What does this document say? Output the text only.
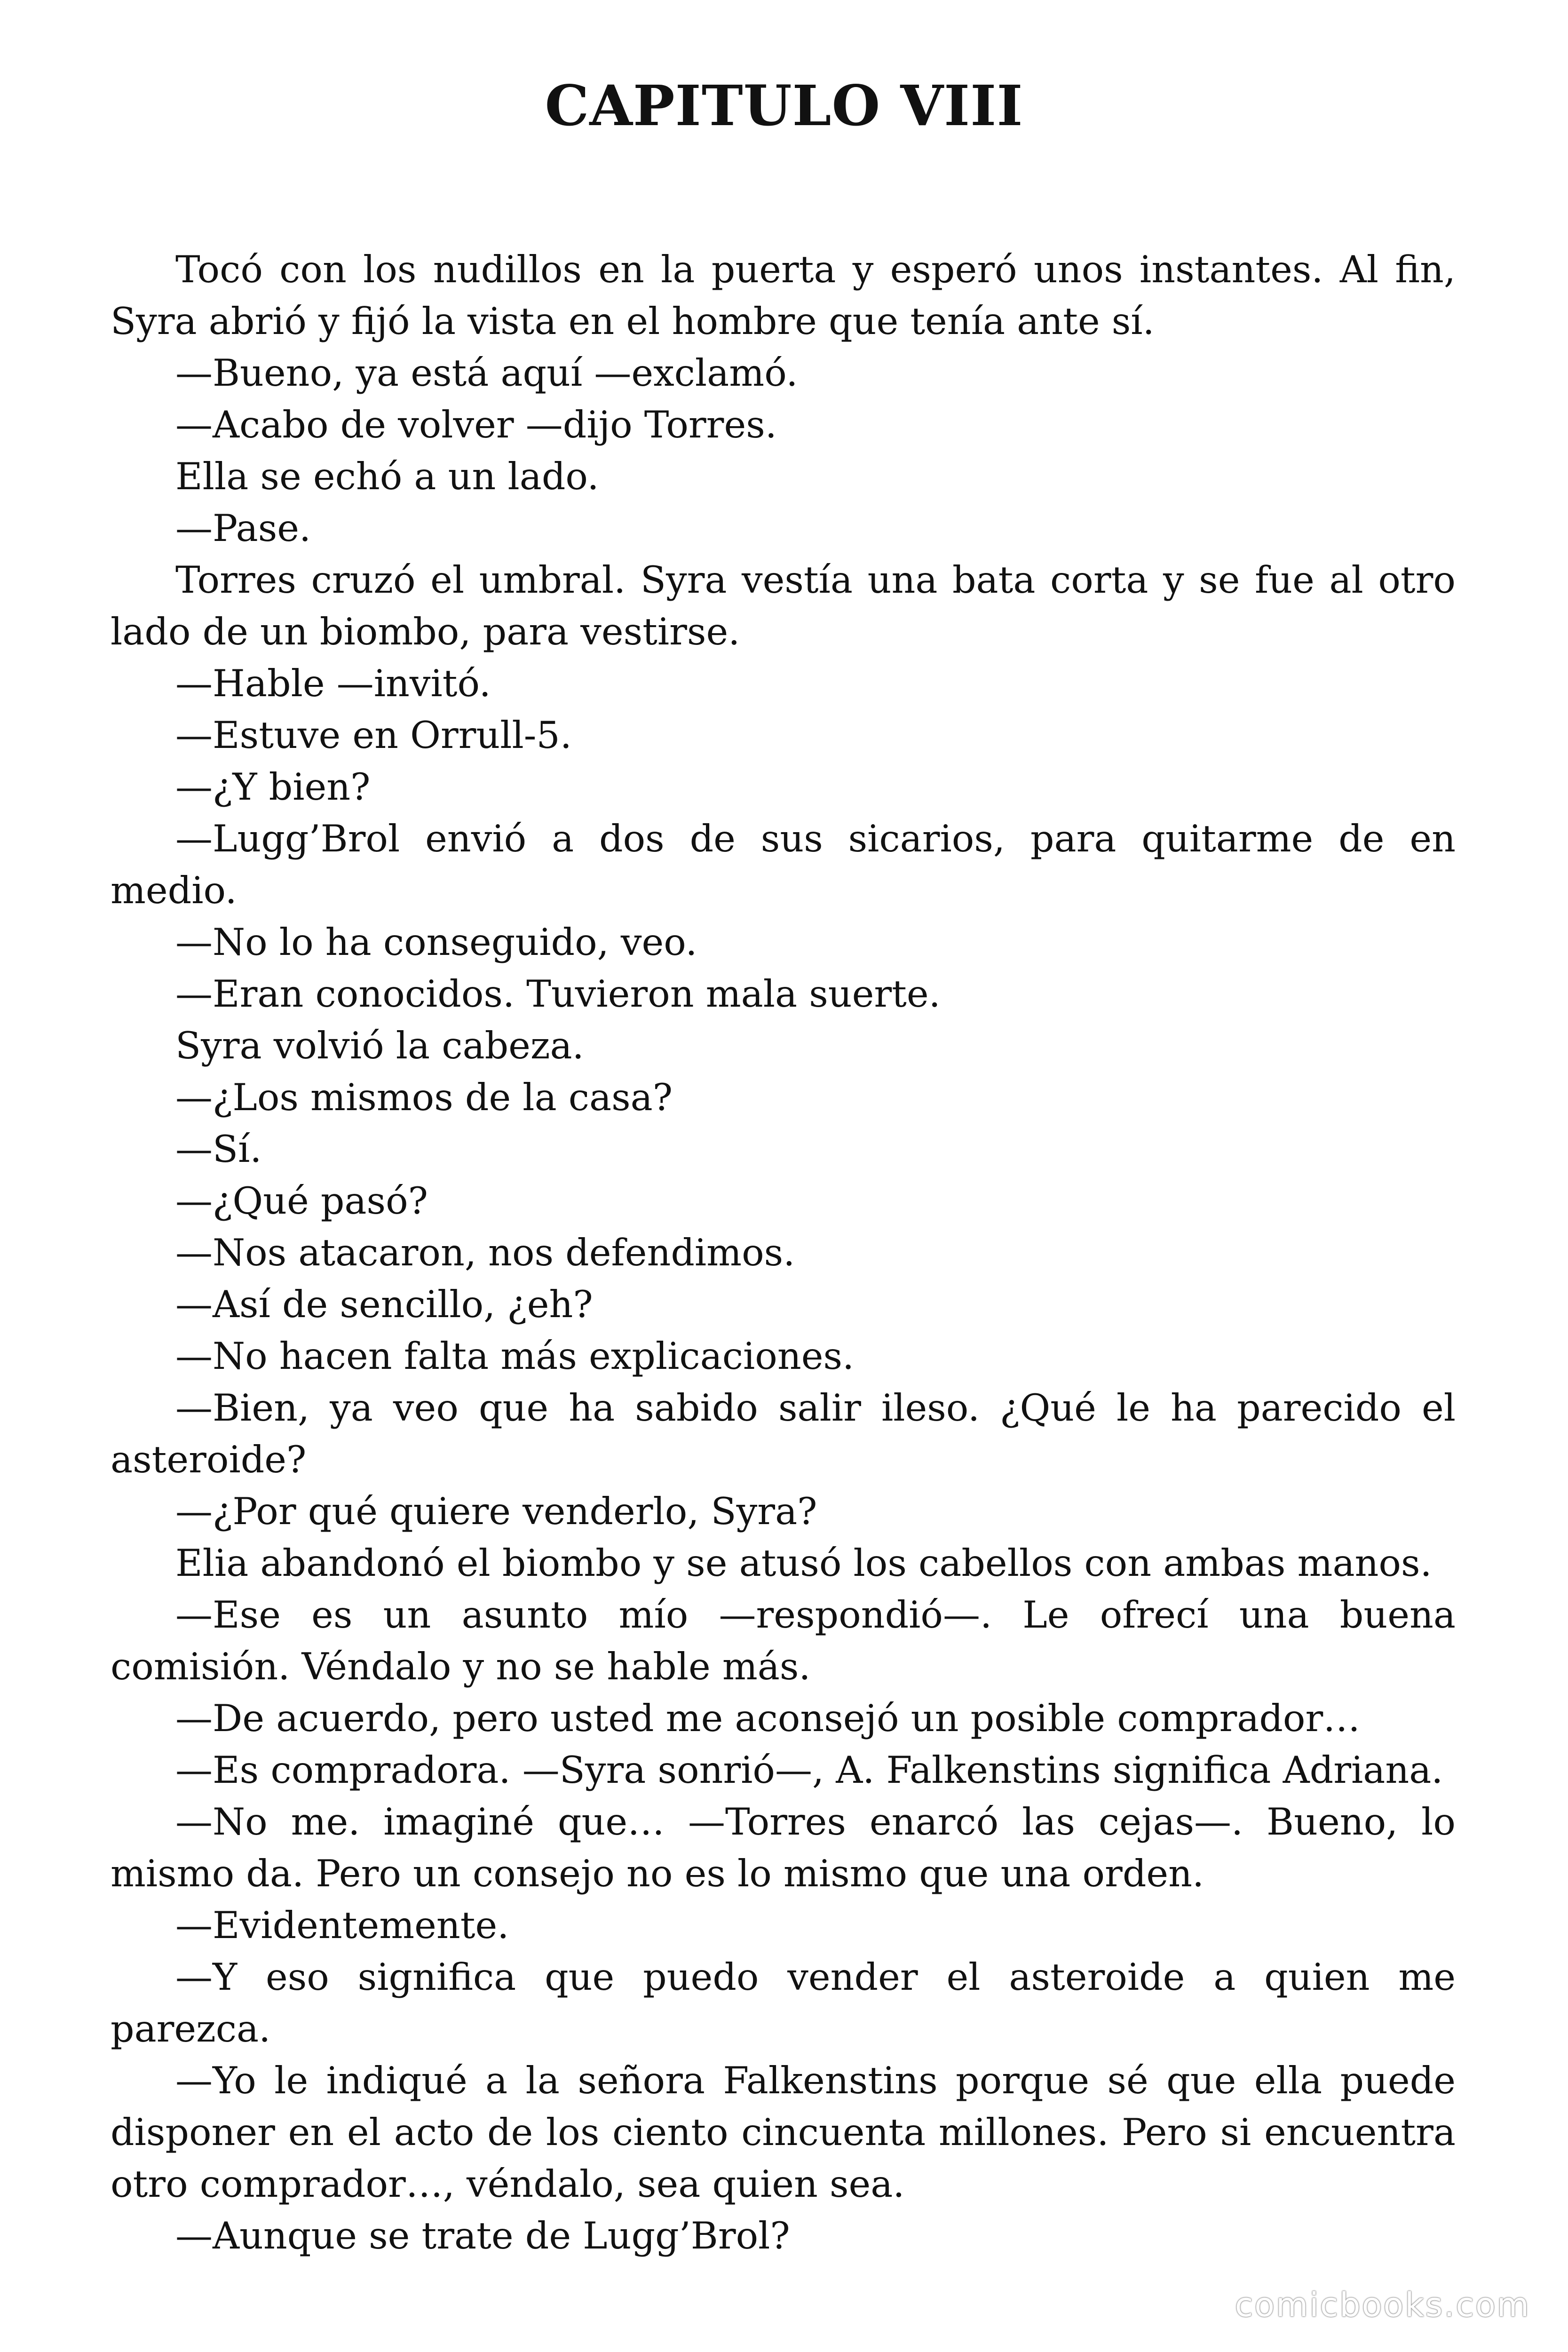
CAPITULO VIII

Tocó con los nudillos en la puerta y esperó unos instantes. Al fin, Syra abrió y fijó la vista en el hombre que tenía ante sí.

—Bueno, ya está aquí —exclamó.

—Acabo de volver —dijo Torres.

Ella se echó a un lado.

—Pase.

Torres cruzó el umbral. Syra vestía una bata corta y se fue al otro lado de un biombo, para vestirse.

—Hable —invitó.

—Estuve en Orrull-5.

—¿Y bien?

—Lugg’Brol envió a dos de sus sicarios, para quitarme de en medio.

—No lo ha conseguido, veo.

—Eran conocidos. Tuvieron mala suerte.

Syra volvió la cabeza.

—¿Los mismos de la casa?

—Sí.

—¿Qué pasó?

—Nos atacaron, nos defendimos.

—Así de sencillo, ¿eh?

—No hacen falta más explicaciones.

—Bien, ya veo que ha sabido salir ileso. ¿Qué le ha parecido el asteroide?

—¿Por qué quiere venderlo, Syra?

Elia abandonó el biombo y se atusó los cabellos con ambas manos.

—Ese es un asunto mío —respondió—. Le ofrecí una buena comisión. Véndalo y no se hable más.

—De acuerdo, pero usted me aconsejó un posible comprador…

—Es compradora. —Syra sonrió—, A. Falkenstins significa Adriana.

—No me. imaginé que… —Torres enarcó las cejas—. Bueno, lo mismo da. Pero un consejo no es lo mismo que una orden.

—Evidentemente.

—Y eso significa que puedo vender el asteroide a quien me parezca.

—Yo le indiqué a la señora Falkenstins porque sé que ella puede disponer en el acto de los ciento cincuenta millones. Pero si encuentra otro comprador…, véndalo, sea quien sea.

—Aunque se trate de Lugg’Brol?

comicbooks.com
